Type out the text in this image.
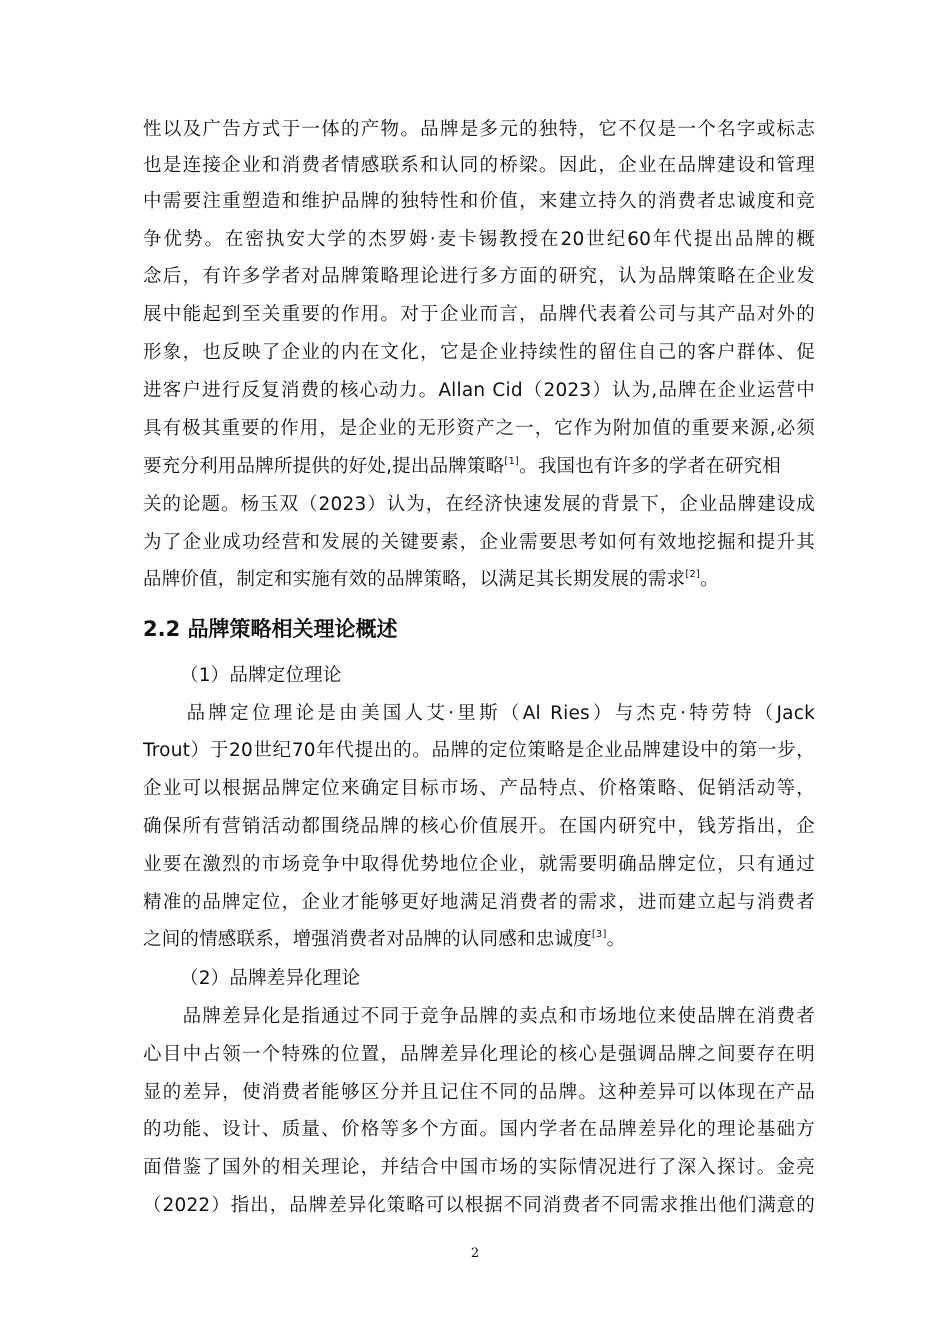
性以及广告方式于一体的产物。品牌是多元的独特，它不仅是一个名字或标志
也是连接企业和消费者情感联系和认同的桥梁。因此，企业在品牌建设和管理
中需要注重塑造和维护品牌的独特性和价值，来建立持久的消费者忠诚度和竞
争优势。在密执安大学的杰罗姆·麦卡锡教授在20世纪60年代提出品牌的概
念后，有许多学者对品牌策略理论进行多方面的研究，认为品牌策略在企业发
展中能起到至关重要的作用。对于企业而言，品牌代表着公司与其产品对外的
形象，也反映了企业的内在文化，它是企业持续性的留住自己的客户群体、促
进客户进行反复消费的核心动力。Allan Cid（2023）认为,品牌在企业运营中
具有极其重要的作用，是企业的无形资产之一，它作为附加值的重要来源,必须
要充分利用品牌所提供的好处,提出品牌策略[1]。我国也有许多的学者在研究相
关的论题。杨玉双（2023）认为，在经济快速发展的背景下，企业品牌建设成
为了企业成功经营和发展的关键要素，企业需要思考如何有效地挖掘和提升其
品牌价值，制定和实施有效的品牌策略，以满足其长期发展的需求[2]。
2.2 品牌策略相关理论概述
（1）品牌定位理论
　　品牌定位理论是由美国人艾·里斯（Al Ries）与杰克·特劳特（Jack
Trout）于20世纪70年代提出的。品牌的定位策略是企业品牌建设中的第一步，
企业可以根据品牌定位来确定目标市场、产品特点、价格策略、促销活动等，
确保所有营销活动都围绕品牌的核心价值展开。在国内研究中，钱芳指出，企
业要在激烈的市场竞争中取得优势地位企业，就需要明确品牌定位，只有通过
精准的品牌定位，企业才能够更好地满足消费者的需求，进而建立起与消费者
之间的情感联系，增强消费者对品牌的认同感和忠诚度[3]。
（2）品牌差异化理论
　　品牌差异化是指通过不同于竞争品牌的卖点和市场地位来使品牌在消费者
心目中占领一个特殊的位置，品牌差异化理论的核心是强调品牌之间要存在明
显的差异，使消费者能够区分并且记住不同的品牌。这种差异可以体现在产品
的功能、设计、质量、价格等多个方面。国内学者在品牌差异化的理论基础方
面借鉴了国外的相关理论，并结合中国市场的实际情况进行了深入探讨。金亮
（2022）指出，品牌差异化策略可以根据不同消费者不同需求推出他们满意的
2
